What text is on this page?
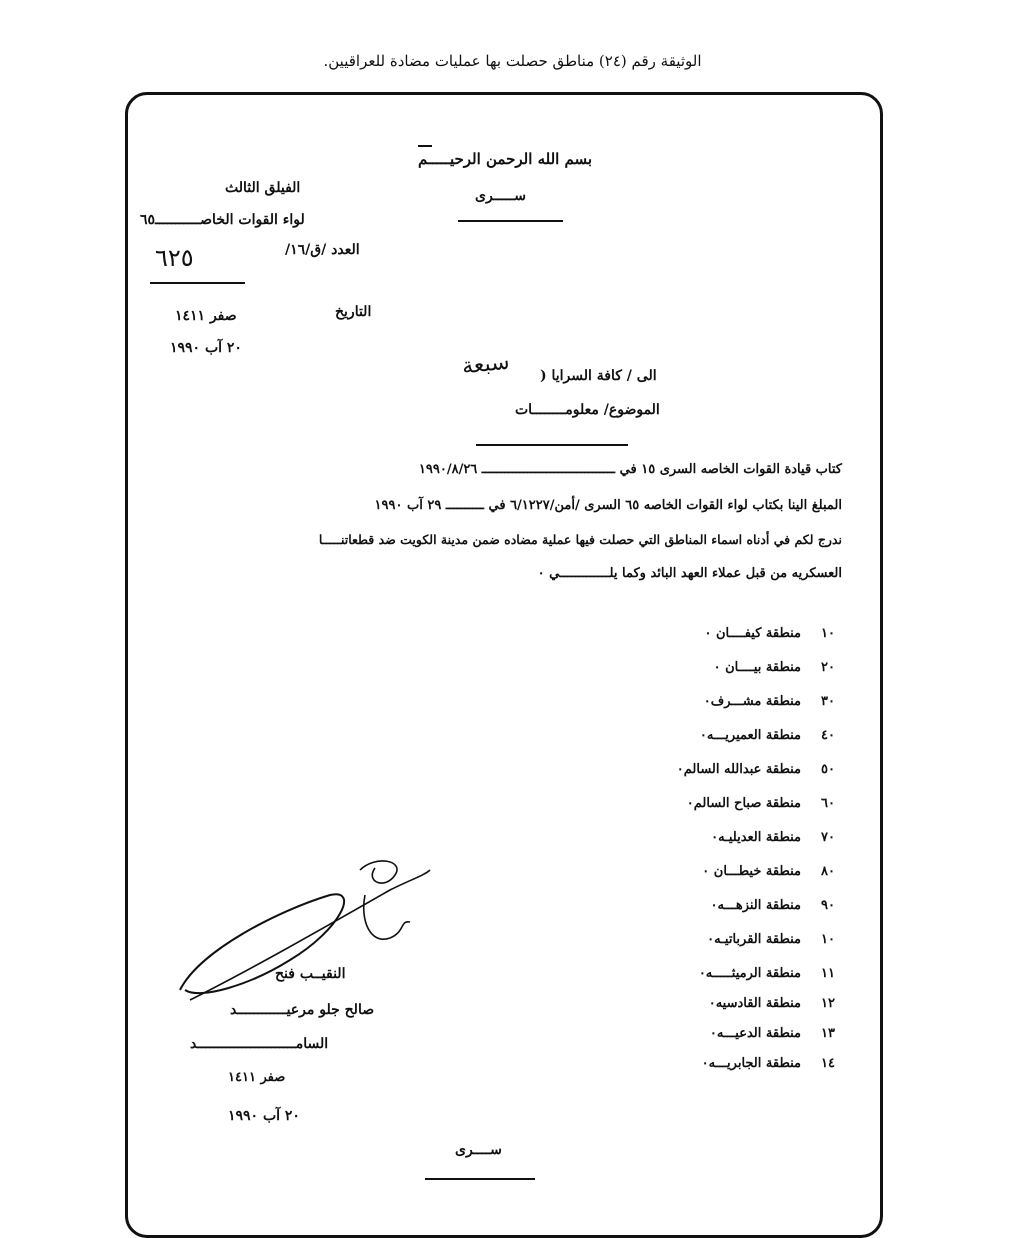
الوثيقة رقم (٢٤) مناطق حصلت بها عمليات مضادة للعراقيين.
بسم الله الرحمن الرحيـــــم
ســـــرى
الفيلق الثالث
لواء القوات الخاصـــــــــــ٦٥
العدد /ق/١٦/
٦٢٥
التاريخ
صفر ١٤١١
٢٠ آب ١٩٩٠
الى / كافة السرايا (
سبعة
الموضوع/ معلومــــــــات
كتاب قيادة القوات الخاصه السرى ١٥ في ـــــــــــــــــــــــــــــــــــ ١٩٩٠/٨/٢٦
المبلغ الينا بكتاب لواء القوات الخاصه ٦٥ السرى /أمن/٦/١٢٢٧ في ــــــــــ ٢٩ آب ١٩٩٠
ندرج لكم في أدناه اسماء المناطق التي حصلت فيها عملية مضاده ضمن مدينة الكويت ضد قطعاتنـــــا
العسكريه من قبل عملاء العهد البائد وكما يلـــــــــــــي ٠
١٠منطقة كيفــــان ٠
٢٠منطقة بيــــان ٠
٣٠منطقة مشـــرف٠
٤٠منطقة العميريـــه٠
٥٠منطقة عبدالله السالم٠
٦٠منطقة صباح السالم٠
٧٠منطقة العديليـه٠
٨٠منطقة خيطـــان ٠
٩٠منطقة النزهـــه٠
١٠منطقة القرباتيـه٠
١١منطقة الرميثـــــه٠
١٢منطقة القادسيه٠
١٣منطقة الدعيـــه٠
١٤منطقة الجابريـــه٠
النقيــب فنح
صالح جلو مرعيــــــــــــد
السامــــــــــــــــــــــــد
صفر ١٤١١
٢٠ آب ١٩٩٠
ســــرى
